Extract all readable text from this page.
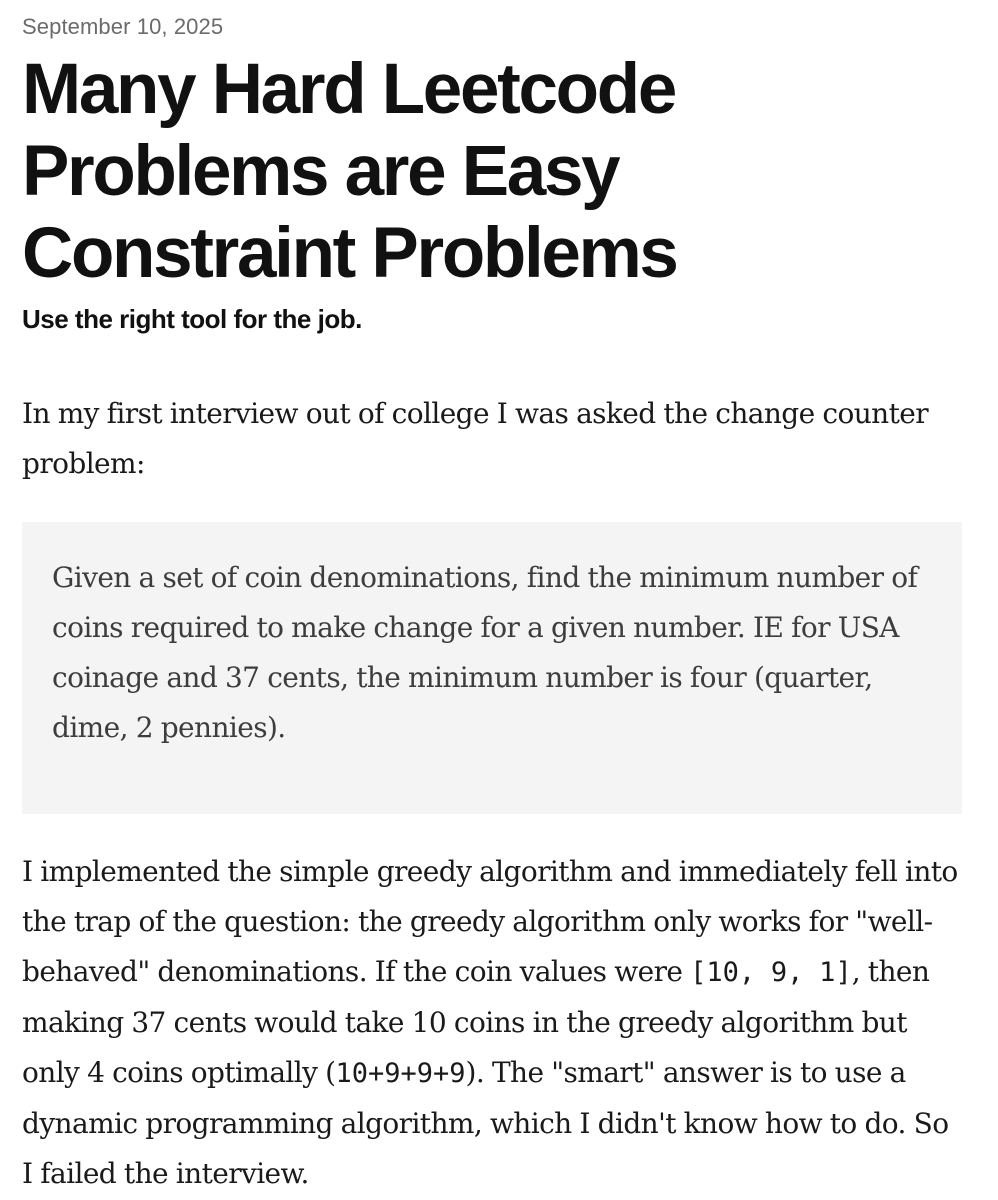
September 10, 2025
Many Hard Leetcode Problems are Easy Constraint Problems
Use the right tool for the job.

In my first interview out of college I was asked the change counter problem:

Given a set of coin denominations, find the minimum number of coins required to make change for a given number. IE for USA coinage and 37 cents, the minimum number is four (quarter, dime, 2 pennies).

I implemented the simple greedy algorithm and immediately fell into the trap of the question: the greedy algorithm only works for "well-behaved" denominations. If the coin values were [10, 9, 1], then making 37 cents would take 10 coins in the greedy algorithm but only 4 coins optimally (10+9+9+9). The "smart" answer is to use a dynamic programming algorithm, which I didn't know how to do. So I failed the interview.
